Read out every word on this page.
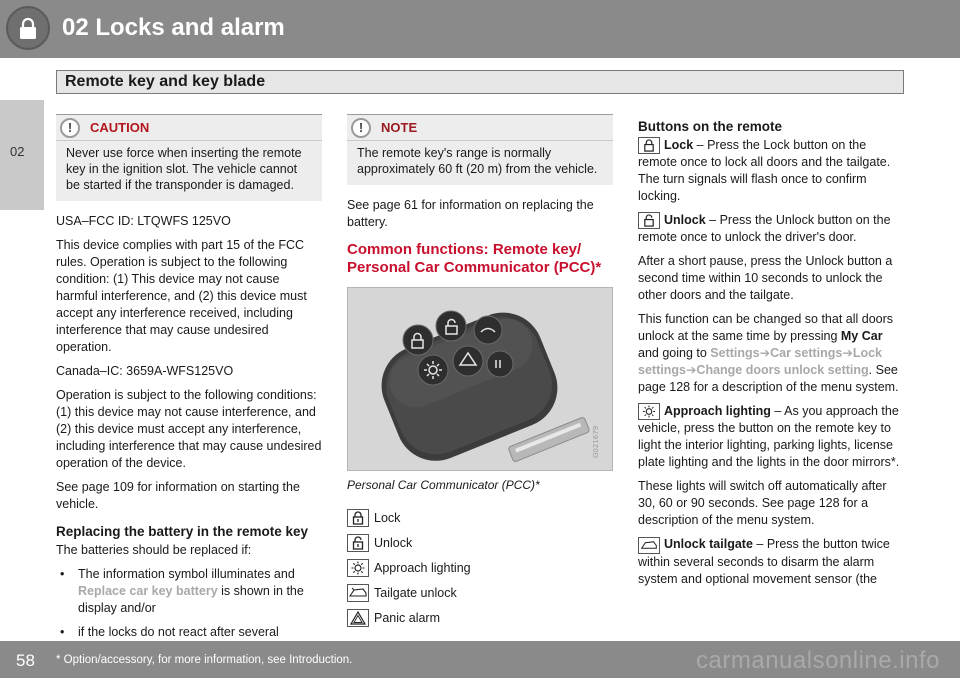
02 Locks and alarm
Remote key and key blade
02
!	CAUTION
Never use force when inserting the remote key in the ignition slot. The vehicle cannot be started if the transponder is damaged.

USA–FCC ID: LTQWFS 125VO

This device complies with part 15 of the FCC rules. Operation is subject to the following condition: (1) This device may not cause harmful interference, and (2) this device must accept any interference received, including interference that may cause undesired operation.

Canada–IC: 3659A-WFS125VO

Operation is subject to the following conditions: (1) this device may not cause interference, and (2) this device must accept any interference, including interference that may cause undesired operation of the device.

See page 109 for information on starting the vehicle.

Replacing the battery in the remote key

The batteries should be replaced if:

• The information symbol illuminates and Replace car key battery is shown in the display and/or
• if the locks do not react after several
!	NOTE
The remote key's range is normally approximately 60 ft (20 m) from the vehicle.

See page 61 for information on replacing the battery.

Common functions: Remote key/ Personal Car Communicator (PCC)*
G021679
Personal Car Communicator (PCC)*
Lock
Unlock
Approach lighting
Tailgate unlock
Panic alarm
Buttons on the remote

Lock – Press the Lock button on the remote once to lock all doors and the tailgate. The turn signals will flash once to confirm locking.

Unlock – Press the Unlock button on the remote once to unlock the driver's door.

After a short pause, press the Unlock button a second time within 10 seconds to unlock the other doors and the tailgate.

This function can be changed so that all doors unlock at the same time by pressing My Car and going to Settings➔Car settings➔Lock settings➔Change doors unlock setting. See page 128 for a description of the menu system.

Approach lighting – As you approach the vehicle, press the button on the remote key to light the interior lighting, parking lights, license plate lighting and the lights in the door mirrors*.

These lights will switch off automatically after 30, 60 or 90 seconds. See page 128 for a description of the menu system.

Unlock tailgate – Press the button twice within several seconds to disarm the alarm system and optional movement sensor (the

58 * Option/accessory, for more information, see Introduction.	carmanualsonline.info
